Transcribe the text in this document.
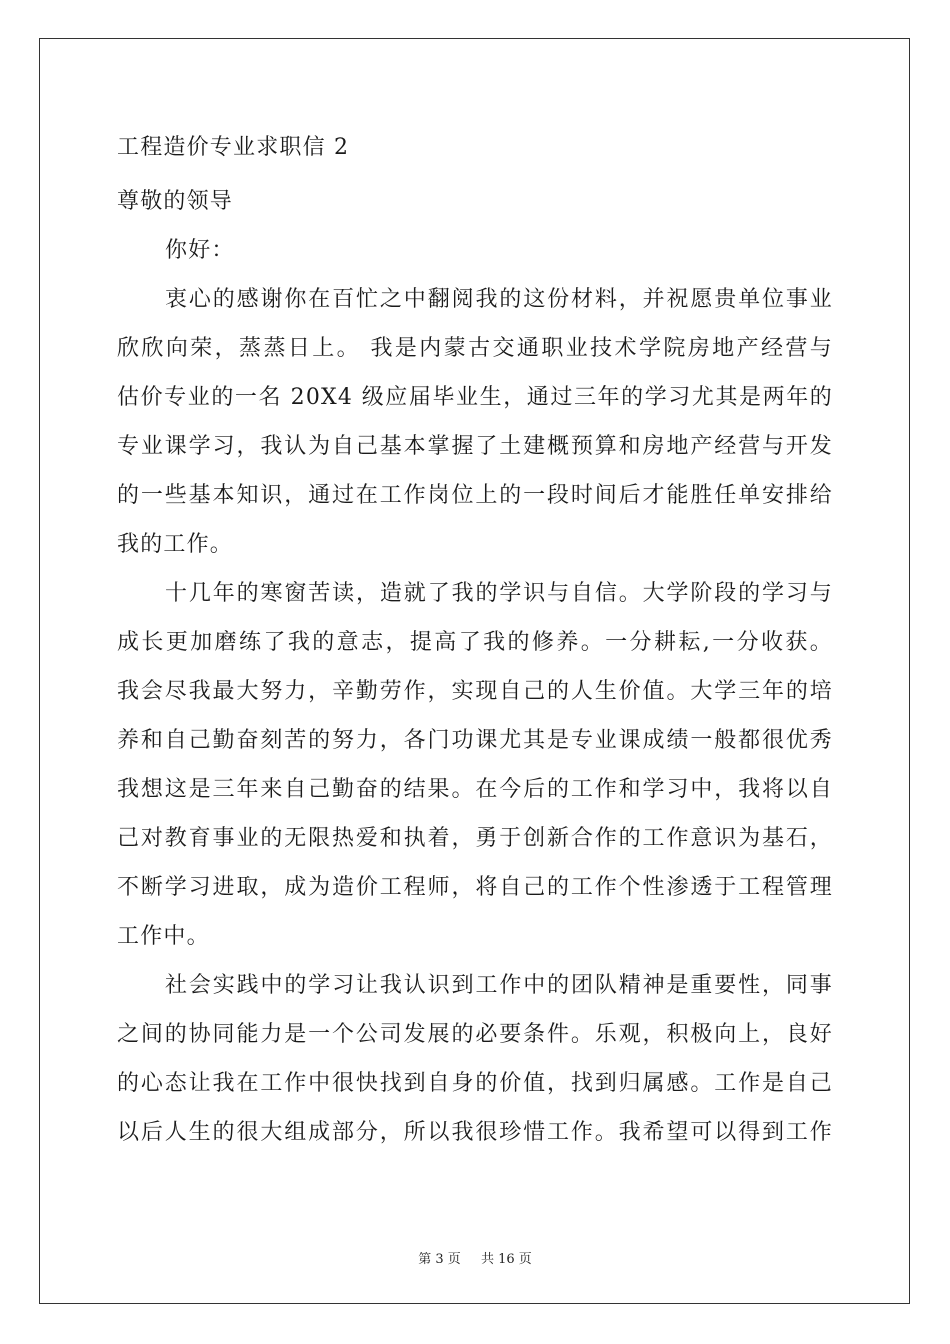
工程造价专业求职信 2
尊敬的领导
你好：
衷心的感谢你在百忙之中翻阅我的这份材料，并祝愿贵单位事业
欣欣向荣，蒸蒸日上。 我是内蒙古交通职业技术学院房地产经营与
估价专业的一名 20X4 级应届毕业生，通过三年的学习尤其是两年的
专业课学习，我认为自己基本掌握了土建概预算和房地产经营与开发
的一些基本知识，通过在工作岗位上的一段时间后才能胜任单安排给
我的工作。
十几年的寒窗苦读，造就了我的学识与自信。大学阶段的学习与
成长更加磨练了我的意志，提高了我的修养。一分耕耘,一分收获。
我会尽我最大努力，辛勤劳作，实现自己的人生价值。大学三年的培
养和自己勤奋刻苦的努力，各门功课尤其是专业课成绩一般都很优秀
我想这是三年来自己勤奋的结果。在今后的工作和学习中，我将以自
己对教育事业的无限热爱和执着，勇于创新合作的工作意识为基石，
不断学习进取，成为造价工程师，将自己的工作个性渗透于工程管理
工作中。
社会实践中的学习让我认识到工作中的团队精神是重要性，同事
之间的协同能力是一个公司发展的必要条件。乐观，积极向上，良好
的心态让我在工作中很快找到自身的价值，找到归属感。工作是自己
以后人生的很大组成部分，所以我很珍惜工作。我希望可以得到工作
第 3 页 共 16 页
